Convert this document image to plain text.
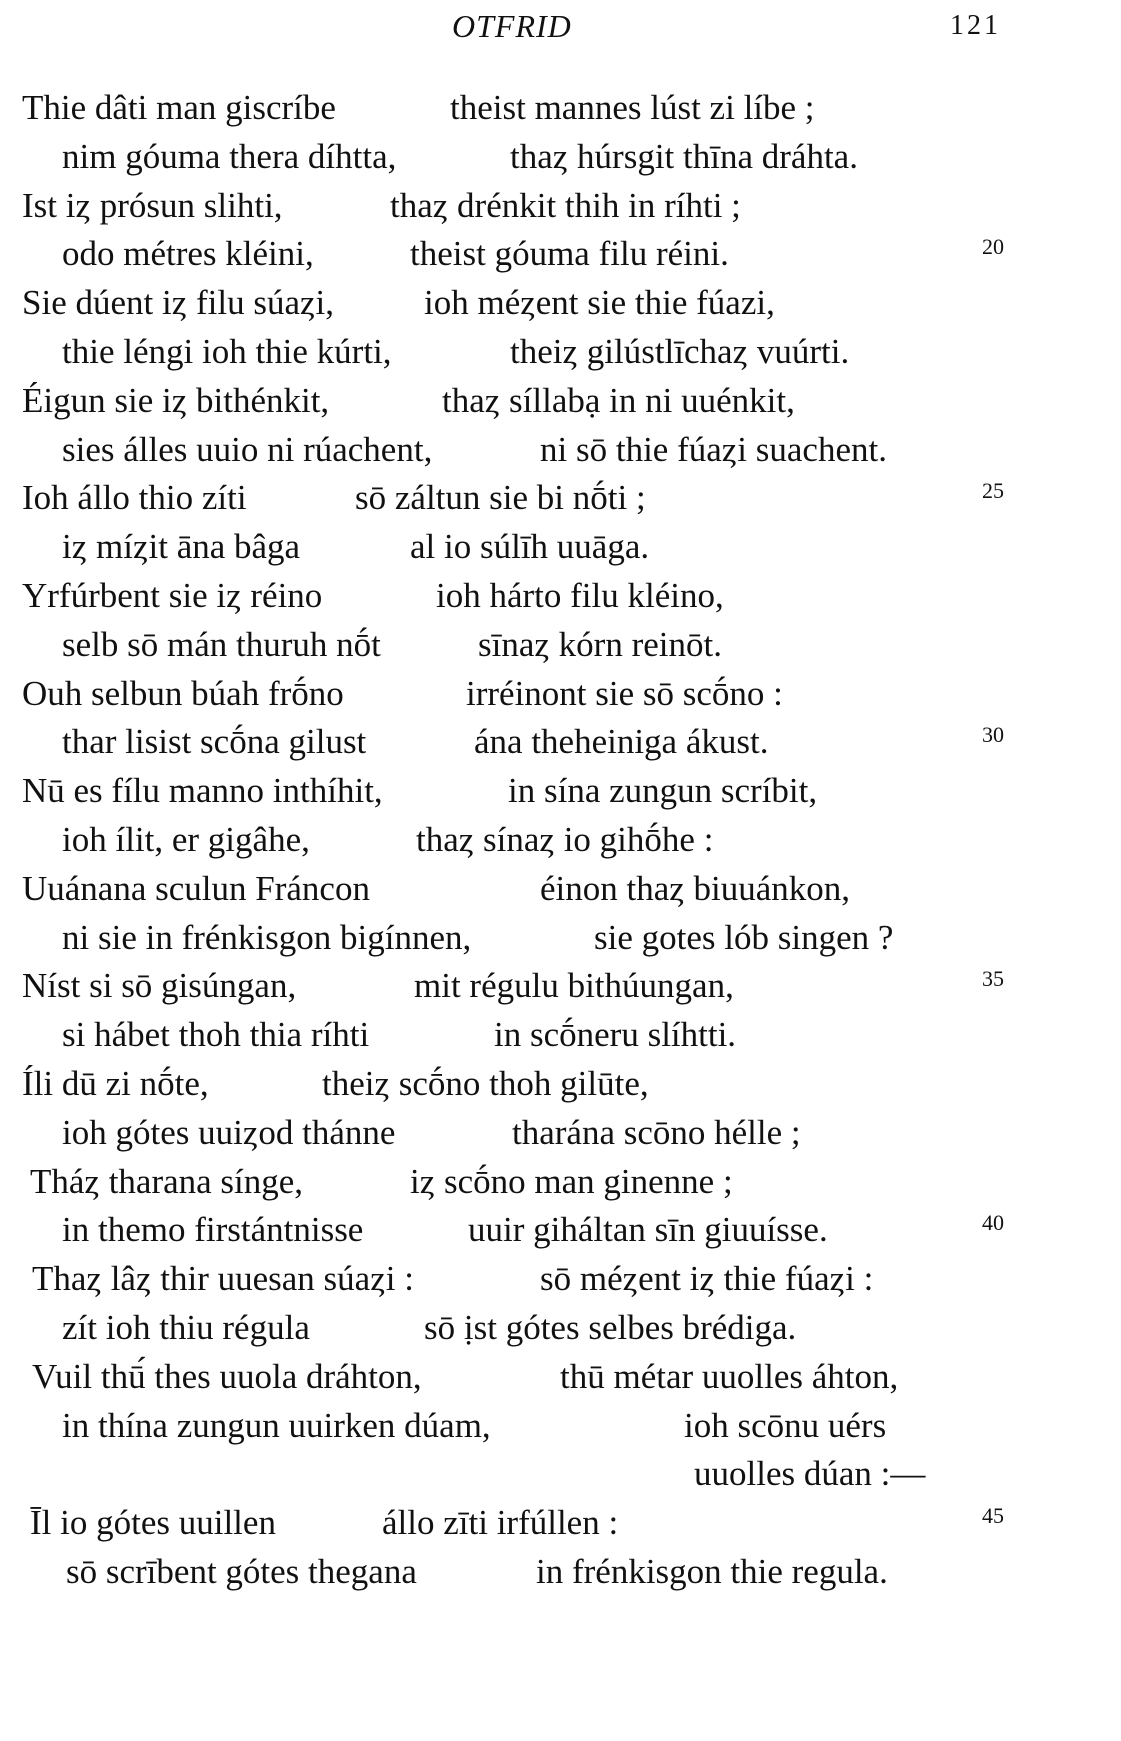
OTFRID	121
Thie dâti man giscríbe	theist mannes lúst zi líbe ;
nim góuma thera díhtta,	thaȥ húrsgit thīna dráhta.
Ist iȥ prósun slihti,	thaȥ drénkit thih in ríhti ;
odo métres kléini,	theist góuma filu réini.	20
Sie dúent iȥ filu súaȥi,	ioh méȥent sie thie fúazi,
thie léngi ioh thie kúrti,	theiȥ gilústlīchaȥ vuúrti.
Éigun sie iȥ bithénkit,	thaȥ síllabạ in ni uuénkit,
sies álles uuio ni rúachent,	ni sō thie fúaȥi suachent.
Ioh állo thio zíti	sō záltun sie bi nṓti ;	25
iȥ míȥit āna bâga	al io súlīh uuāga.
Yrfúrbent sie iȥ réino	ioh hárto filu kléino,
selb sō mán thuruh nṓt	sīnaȥ kórn reinōt.
Ouh selbun búah frṓno	irréinont sie sō scṓno :
thar lisist scṓna gilust	ána theheiniga ákust.	30
Nū es fílu manno inthíhit,	in sína zungun scríbit,
ioh ílit, er gigâhe,	thaȥ sínaȥ io gihṓhe :
Uuánana sculun Fráncon	éinon thaȥ biuuánkon,
ni sie in frénkisgon bigínnen,	sie gotes lób singen ?
Níst si sō gisúngan,	mit régulu bithúungan,	35
si hábet thoh thia ríhti	in scṓneru slíhtti.
Íli dū zi nṓte,	theiȥ scṓno thoh gilūte,
ioh gótes uuiȥod thánne	tharána scōno hélle ;
Tháȥ tharana sínge,	iȥ scṓno man ginenne ;
in themo firstántnisse	uuir giháltan sīn giuuísse.	40
Thaȥ lâȥ thir uuesan súaȥi :	sō méȥent iȥ thie fúaȥi :
zít ioh thiu régula	sō ịst gótes selbes brédiga.
Vuil thū́ thes uuola dráhton,	thū métar uuolles áhton,
in thína zungun uuirken dúam,	ioh scōnu uérs
uuolles dúan :—
Īl io gótes uuillen	állo zīti irfúllen :	45
sō scrībent gótes thegana	in frénkisgon thie regula.
